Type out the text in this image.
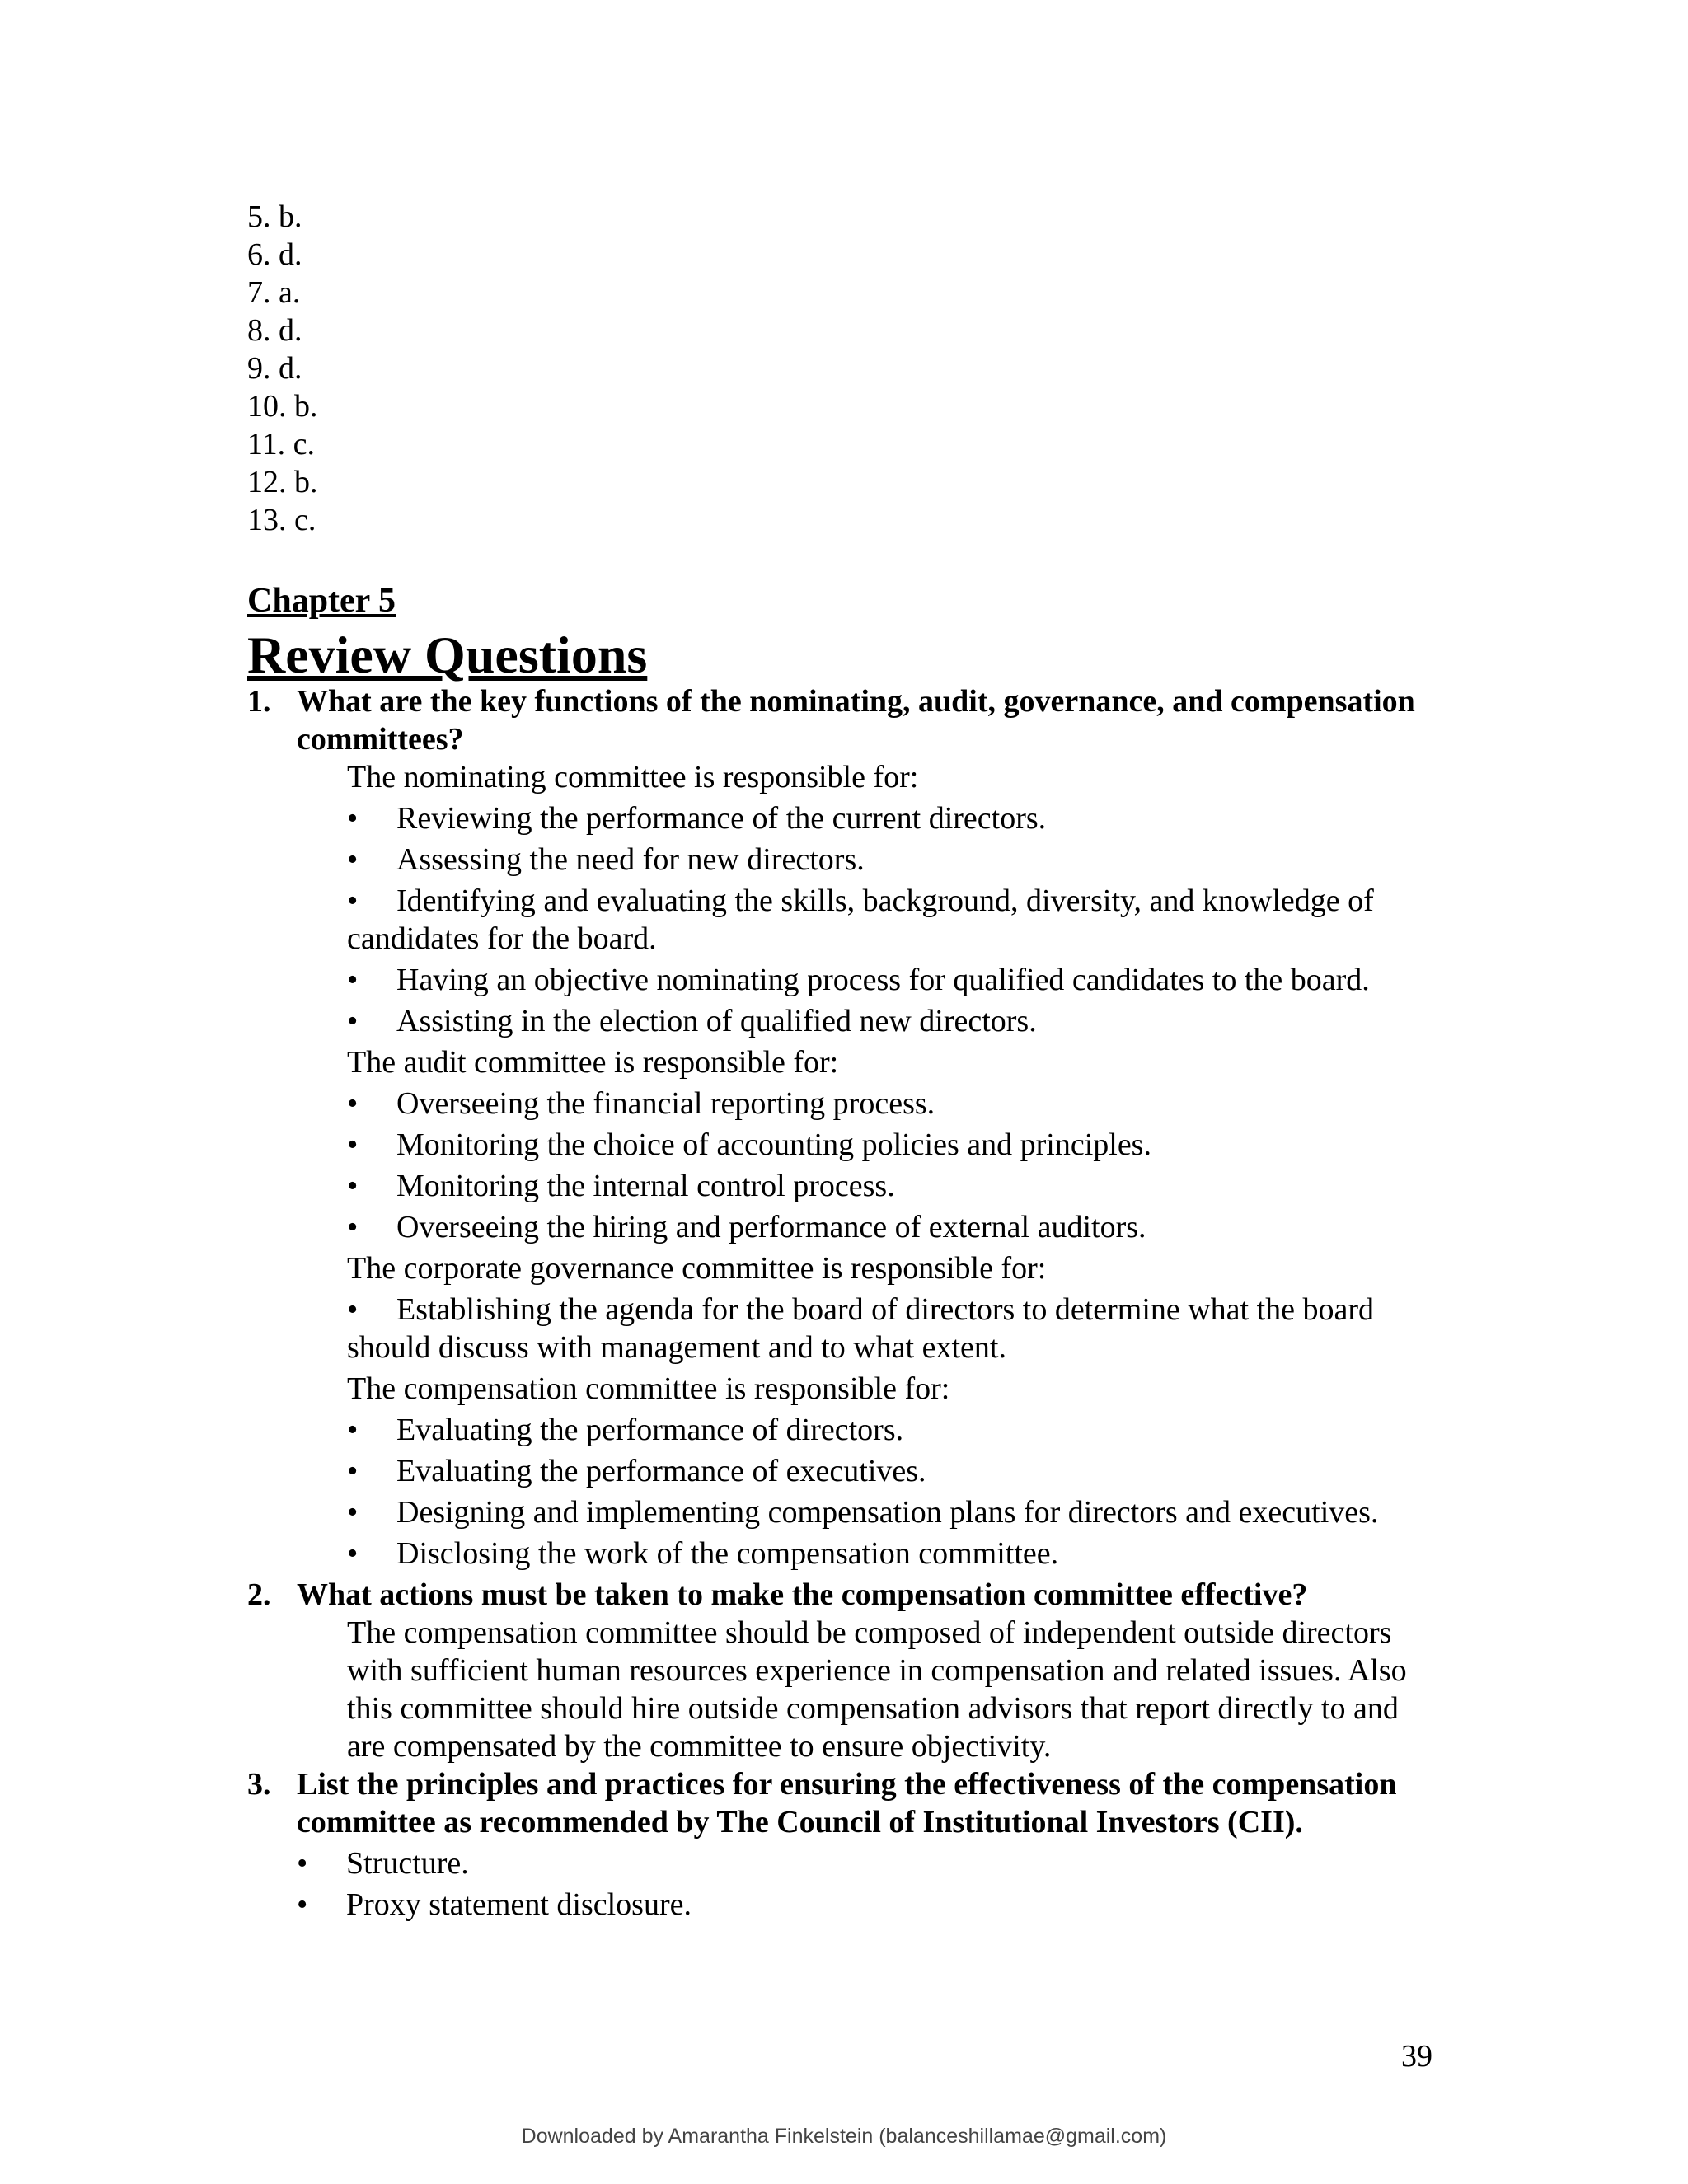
5. b.
6. d.
7. a.
8. d.
9. d.
10. b.
11. c.
12. b.
13. c.
Chapter 5
Review Questions
1. What are the key functions of the nominating, audit, governance, and compensation committees?
The nominating committee is responsible for:
• Reviewing the performance of the current directors.
• Assessing the need for new directors.
• Identifying and evaluating the skills, background, diversity, and knowledge of candidates for the board.
• Having an objective nominating process for qualified candidates to the board.
• Assisting in the election of qualified new directors.
The audit committee is responsible for:
• Overseeing the financial reporting process.
• Monitoring the choice of accounting policies and principles.
• Monitoring the internal control process.
• Overseeing the hiring and performance of external auditors.
The corporate governance committee is responsible for:
• Establishing the agenda for the board of directors to determine what the board should discuss with management and to what extent.
The compensation committee is responsible for:
• Evaluating the performance of directors.
• Evaluating the performance of executives.
• Designing and implementing compensation plans for directors and executives.
• Disclosing the work of the compensation committee.
2. What actions must be taken to make the compensation committee effective?
The compensation committee should be composed of independent outside directors with sufficient human resources experience in compensation and related issues. Also this committee should hire outside compensation advisors that report directly to and are compensated by the committee to ensure objectivity.
3. List the principles and practices for ensuring the effectiveness of the compensation committee as recommended by The Council of Institutional Investors (CII).
• Structure.
• Proxy statement disclosure.
39
Downloaded by Amarantha Finkelstein (balanceshillamae@gmail.com)
